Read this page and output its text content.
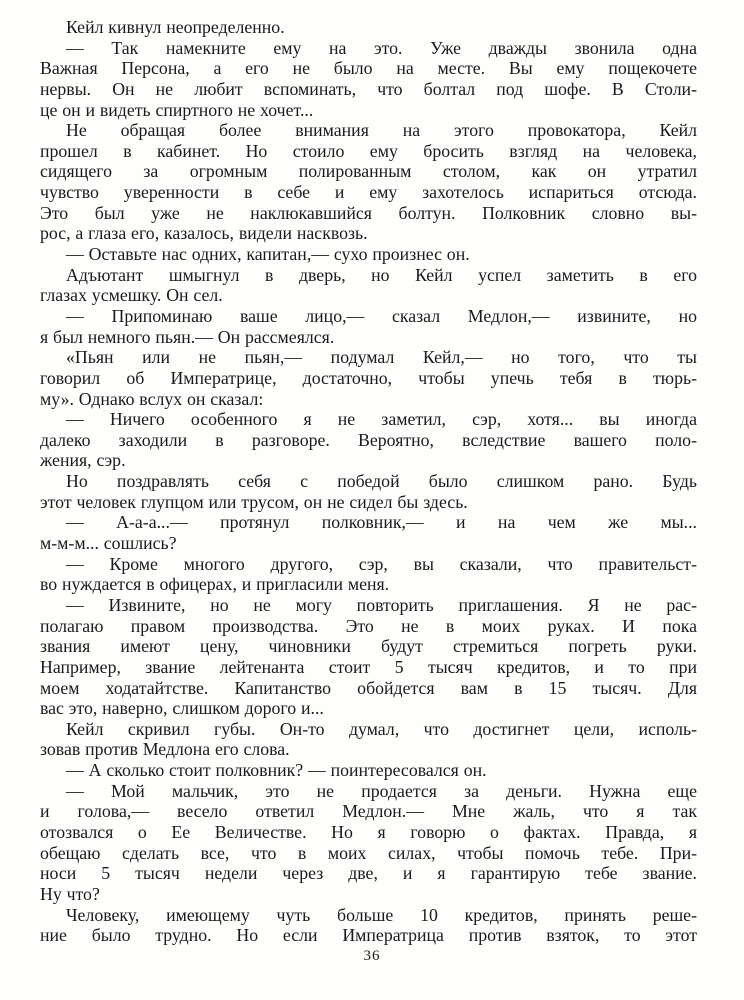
Кейл кивнул неопределенно.
— Так намекните ему на это. Уже дважды звонила одна
Важная Персона, а его не было на месте. Вы ему пощекочете
нервы. Он не любит вспоминать, что болтал под шофе. В Столи-
це он и видеть спиртного не хочет...
Не обращая более внимания на этого провокатора, Кейл
прошел в кабинет. Но стоило ему бросить взгляд на человека,
сидящего за огромным полированным столом, как он утратил
чувство уверенности в себе и ему захотелось испариться отсюда.
Это был уже не наклюкавшийся болтун. Полковник словно вы-
рос, а глаза его, казалось, видели насквозь.
— Оставьте нас одних, капитан,— сухо произнес он.
Адъютант шмыгнул в дверь, но Кейл успел заметить в его
глазах усмешку. Он сел.
— Припоминаю ваше лицо,— сказал Медлон,— извините, но
я был немного пьян.— Он рассмеялся.
«Пьян или не пьян,— подумал Кейл,— но того, что ты
говорил об Императрице, достаточно, чтобы упечь тебя в тюрь-
му». Однако вслух он сказал:
— Ничего особенного я не заметил, сэр, хотя... вы иногда
далеко заходили в разговоре. Вероятно, вследствие вашего поло-
жения, сэр.
Но поздравлять себя с победой было слишком рано. Будь
этот человек глупцом или трусом, он не сидел бы здесь.
— А-а-а...— протянул полковник,— и на чем же мы...
м-м-м... сошлись?
— Кроме многого другого, сэр, вы сказали, что правительст-
во нуждается в офицерах, и пригласили меня.
— Извините, но не могу повторить приглашения. Я не рас-
полагаю правом производства. Это не в моих руках. И пока
звания имеют цену, чиновники будут стремиться погреть руки.
Например, звание лейтенанта стоит 5 тысяч кредитов, и то при
моем ходатайтстве. Капитанство обойдется вам в 15 тысяч. Для
вас это, наверно, слишком дорого и...
Кейл скривил губы. Он-то думал, что достигнет цели, исполь-
зовав против Медлона его слова.
— А сколько стоит полковник? — поинтересовался он.
— Мой мальчик, это не продается за деньги. Нужна еще
и голова,— весело ответил Медлон.— Мне жаль, что я так
отозвался о Ее Величестве. Но я говорю о фактах. Правда, я
обещаю сделать все, что в моих силах, чтобы помочь тебе. При-
носи 5 тысяч недели через две, и я гарантирую тебе звание.
Ну что?
Человеку, имеющему чуть больше 10 кредитов, принять реше-
ние было трудно. Но если Императрица против взяток, то этот
36
